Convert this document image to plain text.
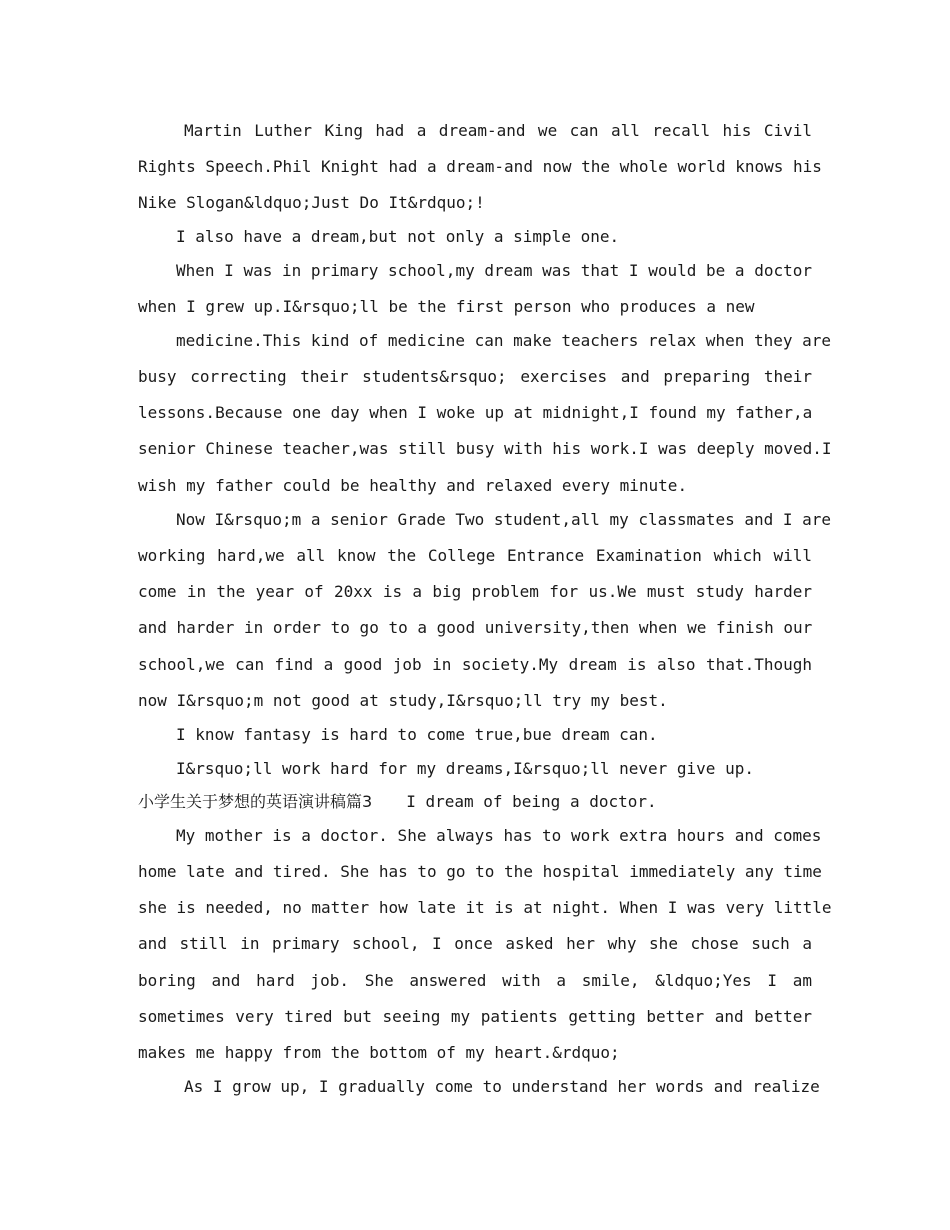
Martin Luther King had a dream-and we can all recall his Civil
Rights Speech.Phil Knight had a dream-and now the whole world knows his
Nike Slogan&ldquo;Just Do It&rdquo;!
I also have a dream,but not only a simple one.
When I was in primary school,my dream was that I would be a doctor
when I grew up.I&rsquo;ll be the first person who produces a new
medicine.This kind of medicine can make teachers relax when they are
busy correcting their students&rsquo; exercises and preparing their
lessons.Because one day when I woke up at midnight,I found my father,a
senior Chinese teacher,was still busy with his work.I was deeply moved.I
wish my father could be healthy and relaxed every minute.
Now I&rsquo;m a senior Grade Two student,all my classmates and I are
working hard,we all know the College Entrance Examination which will
come in the year of 20xx is a big problem for us.We must study harder
and harder in order to go to a good university,then when we finish our
school,we can find a good job in society.My dream is also that.Though
now I&rsquo;m not good at study,I&rsquo;ll try my best.
I know fantasy is hard to come true,bue dream can.
I&rsquo;ll work hard for my dreams,I&rsquo;ll never give up.
小学生关于梦想的英语演讲稿篇3 I dream of being a doctor.
My mother is a doctor. She always has to work extra hours and comes
home late and tired. She has to go to the hospital immediately any time
she is needed, no matter how late it is at night. When I was very little
and still in primary school, I once asked her why she chose such a
boring and hard job. She answered with a smile, &ldquo;Yes I am
sometimes very tired but seeing my patients getting better and better
makes me happy from the bottom of my heart.&rdquo;
As I grow up, I gradually come to understand her words and realize
